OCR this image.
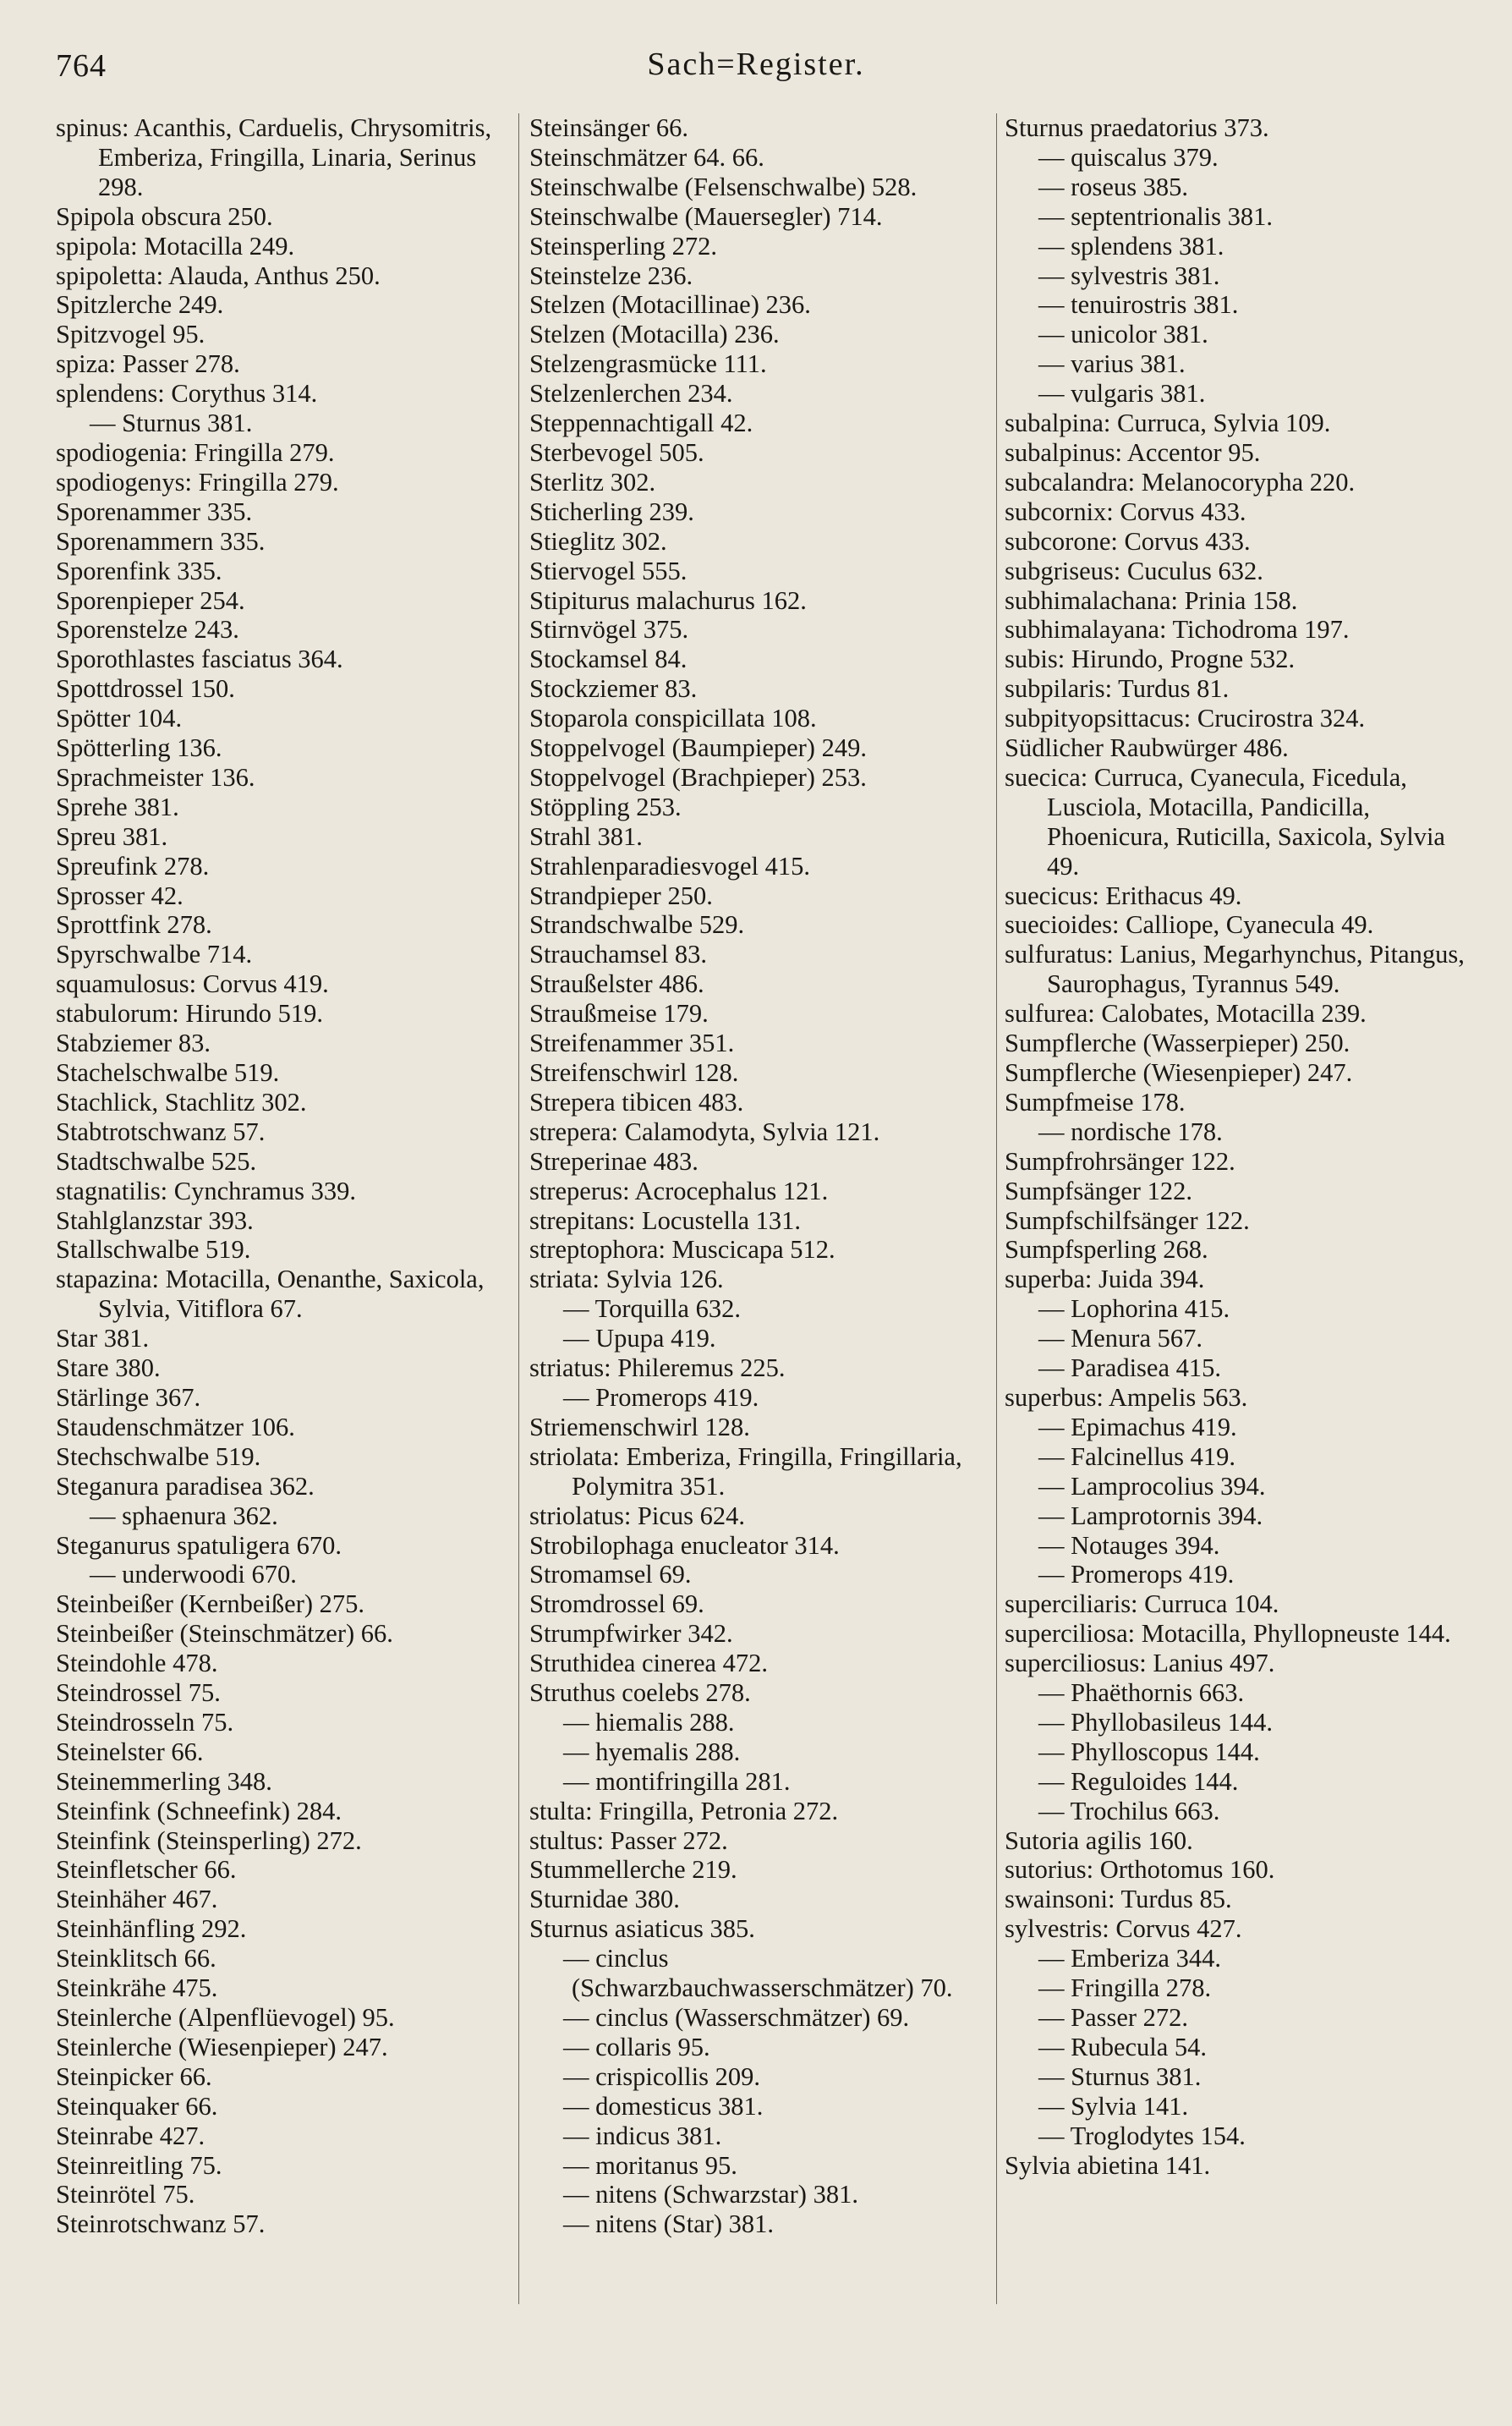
764	Sach=Register.
spinus: Acanthis, Carduelis, Chrysomitris, Emberiza, Fringilla, Linaria, Serinus 298.
Spipola obscura 250.
spipola: Motacilla 249.
spipoletta: Alauda, Anthus 250.
Spitzlerche 249.
Spitzvogel 95.
spiza: Passer 278.
splendens: Corythus 314.
— Sturnus 381.
spodiogenia: Fringilla 279.
spodiogenys: Fringilla 279.
Sporenammer 335.
Sporenammern 335.
Sporenfink 335.
Sporenpieper 254.
Sporenstelze 243.
Sporothlastes fasciatus 364.
Spottdrossel 150.
Spötter 104.
Spötterling 136.
Sprachmeister 136.
Sprehe 381.
Spreu 381.
Spreufink 278.
Sprosser 42.
Sprottfink 278.
Spyrschwalbe 714.
squamulosus: Corvus 419.
stabulorum: Hirundo 519.
Stabziemer 83.
Stachelschwalbe 519.
Stachlick, Stachlitz 302.
Stabtrotschwanz 57.
Stadtschwalbe 525.
stagnatilis: Cynchramus 339.
Stahlglanzstar 393.
Stallschwalbe 519.
stapazina: Motacilla, Oenanthe, Saxicola, Sylvia, Vitiflora 67.
Star 381.
Stare 380.
Stärlinge 367.
Staudenschmätzer 106.
Stechschwalbe 519.
Steganura paradisea 362.
— sphaenura 362.
Steganurus spatuligera 670.
— underwoodi 670.
Steinbeißer (Kernbeißer) 275.
Steinbeißer (Steinschmätzer) 66.
Steindohle 478.
Steindrossel 75.
Steindrosseln 75.
Steinelster 66.
Steinemmerling 348.
Steinfink (Schneefink) 284.
Steinfink (Steinsperling) 272.
Steinfletscher 66.
Steinhäher 467.
Steinhänfling 292.
Steinklitsch 66.
Steinkrähe 475.
Steinlerche (Alpenflüevogel) 95.
Steinlerche (Wiesenpieper) 247.
Steinpicker 66.
Steinquaker 66.
Steinrabe 427.
Steinreitling 75.
Steinrötel 75.
Steinrotschwanz 57.
Steinsänger 66.
Steinschmätzer 64. 66.
Steinschwalbe (Felsenschwalbe) 528.
Steinschwalbe (Mauersegler) 714.
Steinsperling 272.
Steinstelze 236.
Stelzen (Motacillinae) 236.
Stelzen (Motacilla) 236.
Stelzengrasmücke 111.
Stelzenlerchen 234.
Steppennachtigall 42.
Sterbevogel 505.
Sterlitz 302.
Sticherling 239.
Stieglitz 302.
Stiervogel 555.
Stipiturus malachurus 162.
Stirnvögel 375.
Stockamsel 84.
Stockziemer 83.
Stoparola conspicillata 108.
Stoppelvogel (Baumpieper) 249.
Stoppelvogel (Brachpieper) 253.
Stöppling 253.
Strahl 381.
Strahlenparadiesvogel 415.
Strandpieper 250.
Strandschwalbe 529.
Strauchamsel 83.
Straußelster 486.
Straußmeise 179.
Streifenammer 351.
Streifenschwirl 128.
Strepera tibicen 483.
strepera: Calamodyta, Sylvia 121.
Streperinae 483.
streperus: Acrocephalus 121.
strepitans: Locustella 131.
streptophora: Muscicapa 512.
striata: Sylvia 126.
— Torquilla 632.
— Upupa 419.
striatus: Phileremus 225.
— Promerops 419.
Striemenschwirl 128.
striolata: Emberiza, Fringilla, Fringillaria, Polymitra 351.
striolatus: Picus 624.
Strobilophaga enucleator 314.
Stromamsel 69.
Stromdrossel 69.
Strumpfwirker 342.
Struthidea cinerea 472.
Struthus coelebs 278.
— hiemalis 288.
— hyemalis 288.
— montifringilla 281.
stulta: Fringilla, Petronia 272.
stultus: Passer 272.
Stummellerche 219.
Sturnidae 380.
Sturnus asiaticus 385.
— cinclus (Schwarzbauchwasserschmätzer) 70.
— cinclus (Wasserschmätzer) 69.
— collaris 95.
— crispicollis 209.
— domesticus 381.
— indicus 381.
— moritanus 95.
— nitens (Schwarzstar) 381.
— nitens (Star) 381.
Sturnus praedatorius 373.
— quiscalus 379.
— roseus 385.
— septentrionalis 381.
— splendens 381.
— sylvestris 381.
— tenuirostris 381.
— unicolor 381.
— varius 381.
— vulgaris 381.
subalpina: Curruca, Sylvia 109.
subalpinus: Accentor 95.
subcalandra: Melanocorypha 220.
subcornix: Corvus 433.
subcorone: Corvus 433.
subgriseus: Cuculus 632.
subhimalachana: Prinia 158.
subhimalayana: Tichodroma 197.
subis: Hirundo, Progne 532.
subpilaris: Turdus 81.
subpityopsittacus: Crucirostra 324.
Südlicher Raubwürger 486.
suecica: Curruca, Cyanecula, Ficedula, Lusciola, Motacilla, Pandicilla, Phoenicura, Ruticilla, Saxicola, Sylvia 49.
suecicus: Erithacus 49.
suecioides: Calliope, Cyanecula 49.
sulfuratus: Lanius, Megarhynchus, Pitangus, Saurophagus, Tyrannus 549.
sulfurea: Calobates, Motacilla 239.
Sumpflerche (Wasserpieper) 250.
Sumpflerche (Wiesenpieper) 247.
Sumpfmeise 178.
— nordische 178.
Sumpfrohrsänger 122.
Sumpfsänger 122.
Sumpfschilfsänger 122.
Sumpfsperling 268.
superba: Juida 394.
— Lophorina 415.
— Menura 567.
— Paradisea 415.
superbus: Ampelis 563.
— Epimachus 419.
— Falcinellus 419.
— Lamprocolius 394.
— Lamprotornis 394.
— Notauges 394.
— Promerops 419.
superciliaris: Curruca 104.
superciliosa: Motacilla, Phyllopneuste 144.
superciliosus: Lanius 497.
— Phaëthornis 663.
— Phyllobasileus 144.
— Phylloscopus 144.
— Reguloides 144.
— Trochilus 663.
Sutoria agilis 160.
sutorius: Orthotomus 160.
swainsoni: Turdus 85.
sylvestris: Corvus 427.
— Emberiza 344.
— Fringilla 278.
— Passer 272.
— Rubecula 54.
— Sturnus 381.
— Sylvia 141.
— Troglodytes 154.
Sylvia abietina 141.
